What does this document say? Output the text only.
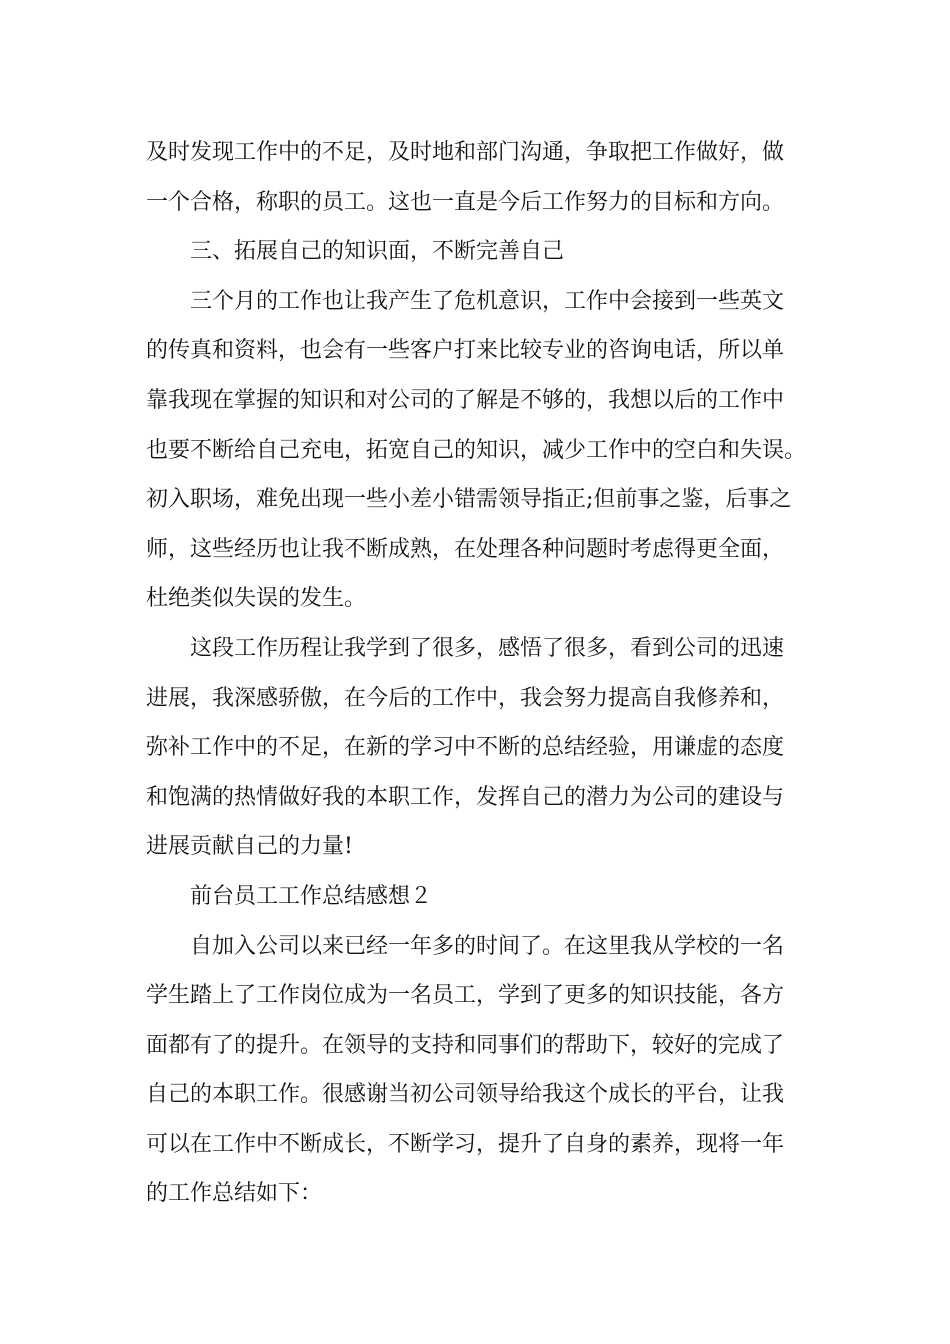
及时发现工作中的不足，及时地和部门沟通，争取把工作做好，做
一个合格，称职的员工。这也一直是今后工作努力的目标和方向。
三、拓展自己的知识面，不断完善自己
三个月的工作也让我产生了危机意识，工作中会接到一些英文
的传真和资料，也会有一些客户打来比较专业的咨询电话，所以单
靠我现在掌握的知识和对公司的了解是不够的，我想以后的工作中
也要不断给自己充电，拓宽自己的知识，减少工作中的空白和失误。
初入职场，难免出现一些小差小错需领导指正;但前事之鉴，后事之
师，这些经历也让我不断成熟，在处理各种问题时考虑得更全面，
杜绝类似失误的发生。
这段工作历程让我学到了很多，感悟了很多，看到公司的迅速
进展，我深感骄傲，在今后的工作中，我会努力提高自我修养和，
弥补工作中的不足，在新的学习中不断的总结经验，用谦虚的态度
和饱满的热情做好我的本职工作，发挥自己的潜力为公司的建设与
进展贡献自己的力量!
前台员工工作总结感想２
自加入公司以来已经一年多的时间了。在这里我从学校的一名
学生踏上了工作岗位成为一名员工，学到了更多的知识技能，各方
面都有了的提升。在领导的支持和同事们的帮助下，较好的完成了
自己的本职工作。很感谢当初公司领导给我这个成长的平台，让我
可以在工作中不断成长，不断学习，提升了自身的素养，现将一年
的工作总结如下：
